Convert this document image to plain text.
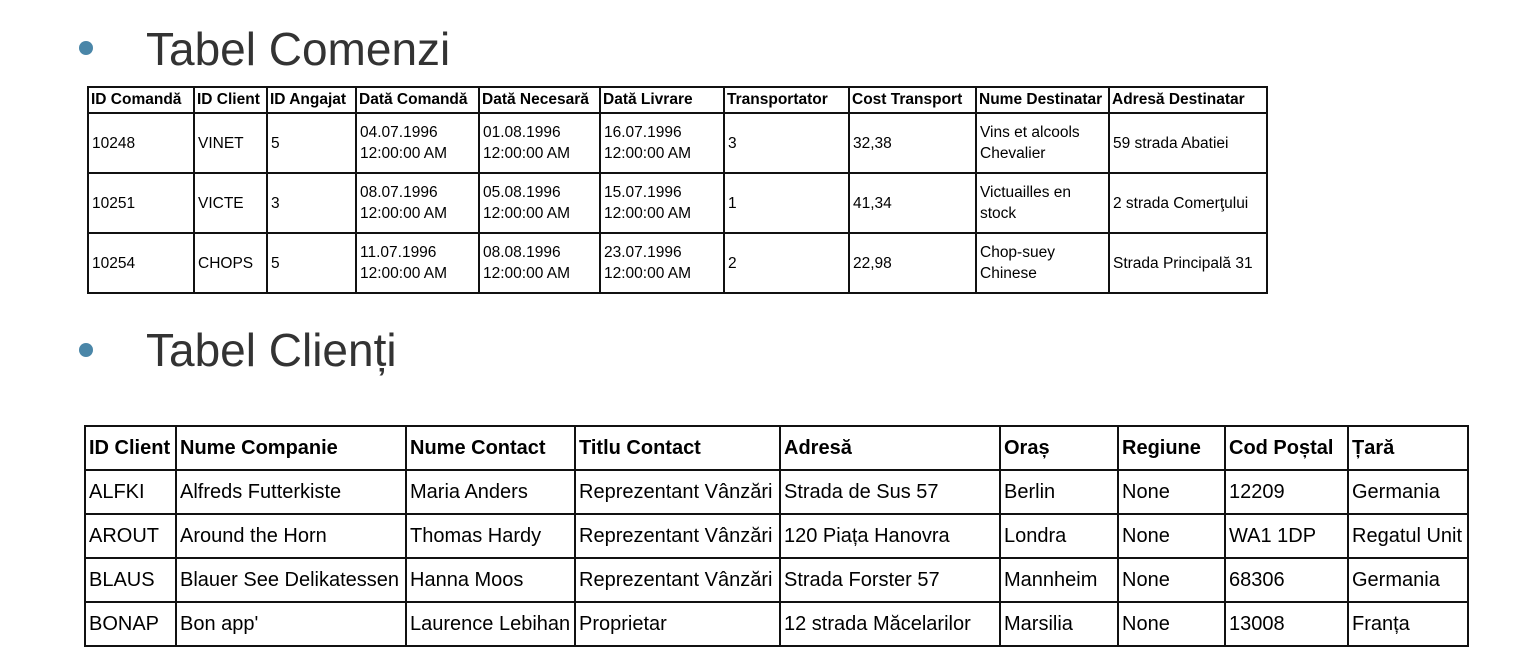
Tabel Comenzi
ID Comandă	ID Client	ID Angajat	Dată Comandă	Dată Necesară	Dată Livrare	Transportator	Cost Transport	Nume Destinatar	Adresă Destinatar
10248	VINET	5	04.07.1996 12:00:00 AM	01.08.1996 12:00:00 AM	16.07.1996 12:00:00 AM	3	32,38	Vins et alcools Chevalier	59 strada Abatiei
10251	VICTE	3	08.07.1996 12:00:00 AM	05.08.1996 12:00:00 AM	15.07.1996 12:00:00 AM	1	41,34	Victuailles en stock	2 strada Comerţului
10254	CHOPS	5	11.07.1996 12:00:00 AM	08.08.1996 12:00:00 AM	23.07.1996 12:00:00 AM	2	22,98	Chop-suey Chinese	Strada Principală 31
Tabel Clienți
ID Client	Nume Companie	Nume Contact	Titlu Contact	Adresă	Oraș	Regiune	Cod Poștal	Țară
ALFKI	Alfreds Futterkiste	Maria Anders	Reprezentant Vânzări	Strada de Sus 57	Berlin	None	12209	Germania
AROUT	Around the Horn	Thomas Hardy	Reprezentant Vânzări	120 Piața Hanovra	Londra	None	WA1 1DP	Regatul Unit
BLAUS	Blauer See Delikatessen	Hanna Moos	Reprezentant Vânzări	Strada Forster 57	Mannheim	None	68306	Germania
BONAP	Bon app'	Laurence Lebihan	Proprietar	12 strada Măcelarilor	Marsilia	None	13008	Franța
